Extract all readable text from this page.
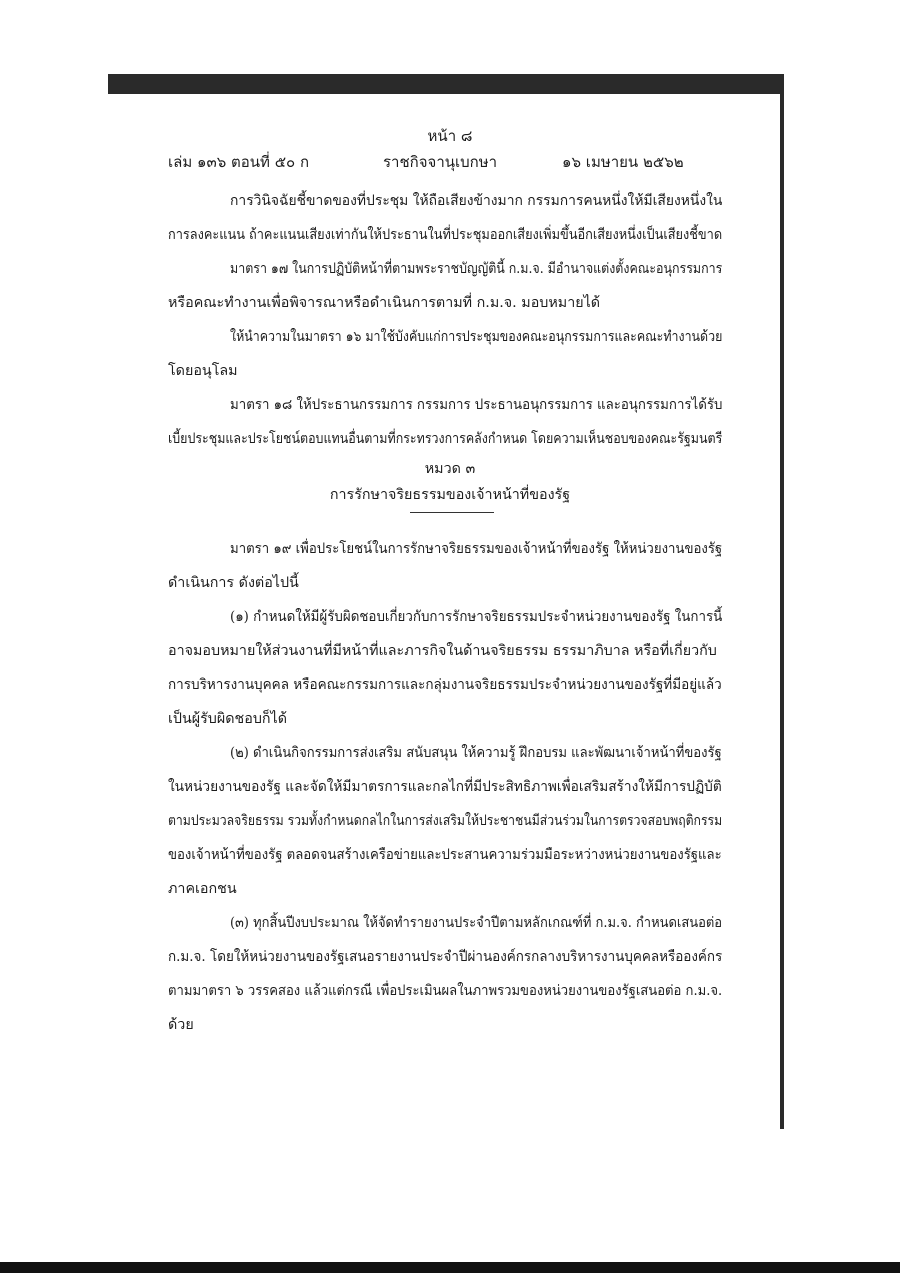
หน้า ๘
เล่ม ๑๓๖ ตอนที่ ๕๐ ก	ราชกิจจานุเบกษา	๑๖ เมษายน ๒๕๖๒
การวินิจฉัยชี้ขาดของที่ประชุม ให้ถือเสียงข้างมาก กรรมการคนหนึ่งให้มีเสียงหนึ่งใน
การลงคะแนน ถ้าคะแนนเสียงเท่ากันให้ประธานในที่ประชุมออกเสียงเพิ่มขึ้นอีกเสียงหนึ่งเป็นเสียงชี้ขาด
มาตรา ๑๗ ในการปฏิบัติหน้าที่ตามพระราชบัญญัตินี้ ก.ม.จ. มีอำนาจแต่งตั้งคณะอนุกรรมการ
หรือคณะทำงานเพื่อพิจารณาหรือดำเนินการตามที่ ก.ม.จ. มอบหมายได้
ให้นำความในมาตรา ๑๖ มาใช้บังคับแก่การประชุมของคณะอนุกรรมการและคณะทำงานด้วย
โดยอนุโลม
มาตรา ๑๘ ให้ประธานกรรมการ กรรมการ ประธานอนุกรรมการ และอนุกรรมการได้รับ
เบี้ยประชุมและประโยชน์ตอบแทนอื่นตามที่กระทรวงการคลังกำหนด โดยความเห็นชอบของคณะรัฐมนตรี
หมวด ๓
การรักษาจริยธรรมของเจ้าหน้าที่ของรัฐ
มาตรา ๑๙ เพื่อประโยชน์ในการรักษาจริยธรรมของเจ้าหน้าที่ของรัฐ ให้หน่วยงานของรัฐ
ดำเนินการ ดังต่อไปนี้
(๑) กำหนดให้มีผู้รับผิดชอบเกี่ยวกับการรักษาจริยธรรมประจำหน่วยงานของรัฐ ในการนี้
อาจมอบหมายให้ส่วนงานที่มีหน้าที่และภารกิจในด้านจริยธรรม ธรรมาภิบาล หรือที่เกี่ยวกับ
การบริหารงานบุคคล หรือคณะกรรมการและกลุ่มงานจริยธรรมประจำหน่วยงานของรัฐที่มีอยู่แล้ว
เป็นผู้รับผิดชอบก็ได้
(๒) ดำเนินกิจกรรมการส่งเสริม สนับสนุน ให้ความรู้ ฝึกอบรม และพัฒนาเจ้าหน้าที่ของรัฐ
ในหน่วยงานของรัฐ และจัดให้มีมาตรการและกลไกที่มีประสิทธิภาพเพื่อเสริมสร้างให้มีการปฏิบัติ
ตามประมวลจริยธรรม รวมทั้งกำหนดกลไกในการส่งเสริมให้ประชาชนมีส่วนร่วมในการตรวจสอบพฤติกรรม
ของเจ้าหน้าที่ของรัฐ ตลอดจนสร้างเครือข่ายและประสานความร่วมมือระหว่างหน่วยงานของรัฐและ
ภาคเอกชน
(๓) ทุกสิ้นปีงบประมาณ ให้จัดทำรายงานประจำปีตามหลักเกณฑ์ที่ ก.ม.จ. กำหนดเสนอต่อ
ก.ม.จ. โดยให้หน่วยงานของรัฐเสนอรายงานประจำปีผ่านองค์กรกลางบริหารงานบุคคลหรือองค์กร
ตามมาตรา ๖ วรรคสอง แล้วแต่กรณี เพื่อประเมินผลในภาพรวมของหน่วยงานของรัฐเสนอต่อ ก.ม.จ.
ด้วย
